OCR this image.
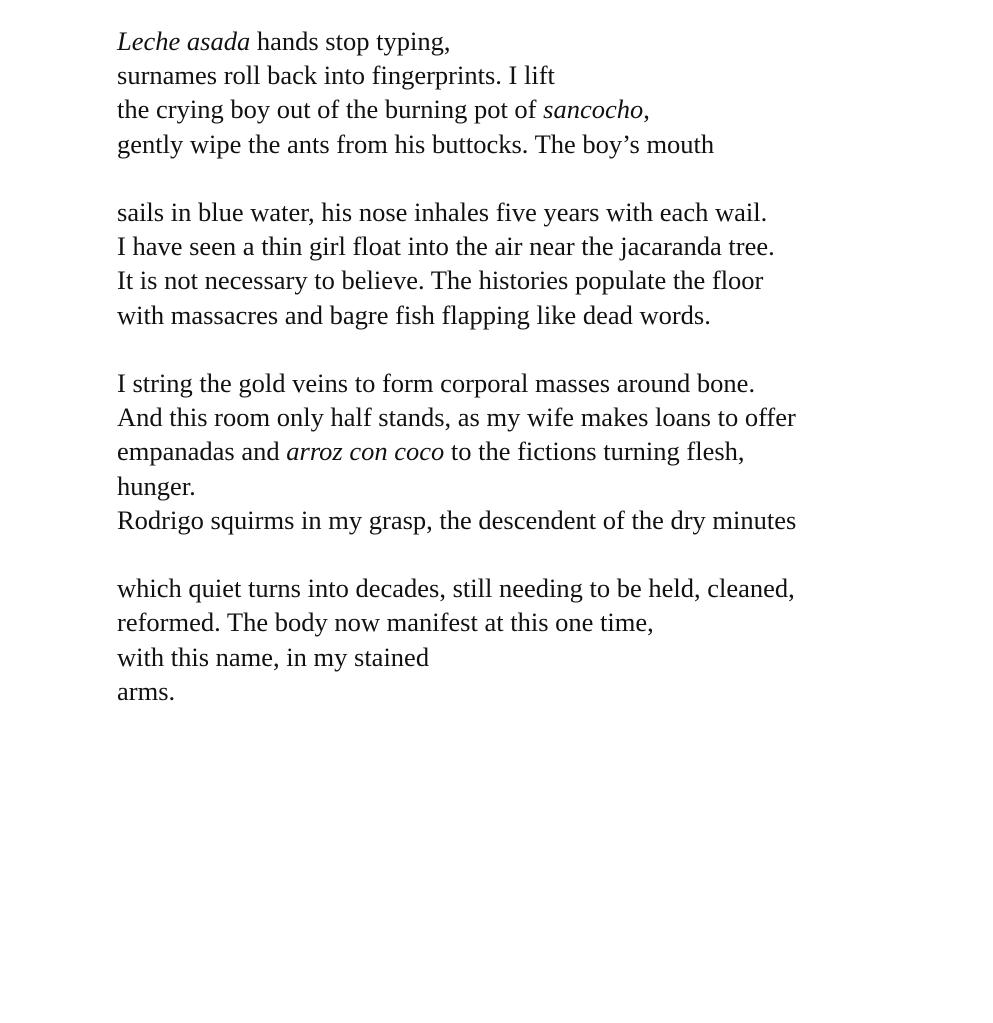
Leche asada hands stop typing,
surnames roll back into fingerprints. I lift
the crying boy out of the burning pot of sancocho,
gently wipe the ants from his buttocks. The boy’s mouth
sails in blue water, his nose inhales five years with each wail.
I have seen a thin girl float into the air near the jacaranda tree.
It is not necessary to believe. The histories populate the floor
with massacres and bagre fish flapping like dead words.
I string the gold veins to form corporal masses around bone.
And this room only half stands, as my wife makes loans to offer
empanadas and arroz con coco to the fictions turning flesh,
hunger.
Rodrigo squirms in my grasp, the descendent of the dry minutes
which quiet turns into decades, still needing to be held, cleaned,
reformed. The body now manifest at this one time,
with this name, in my stained
arms.
